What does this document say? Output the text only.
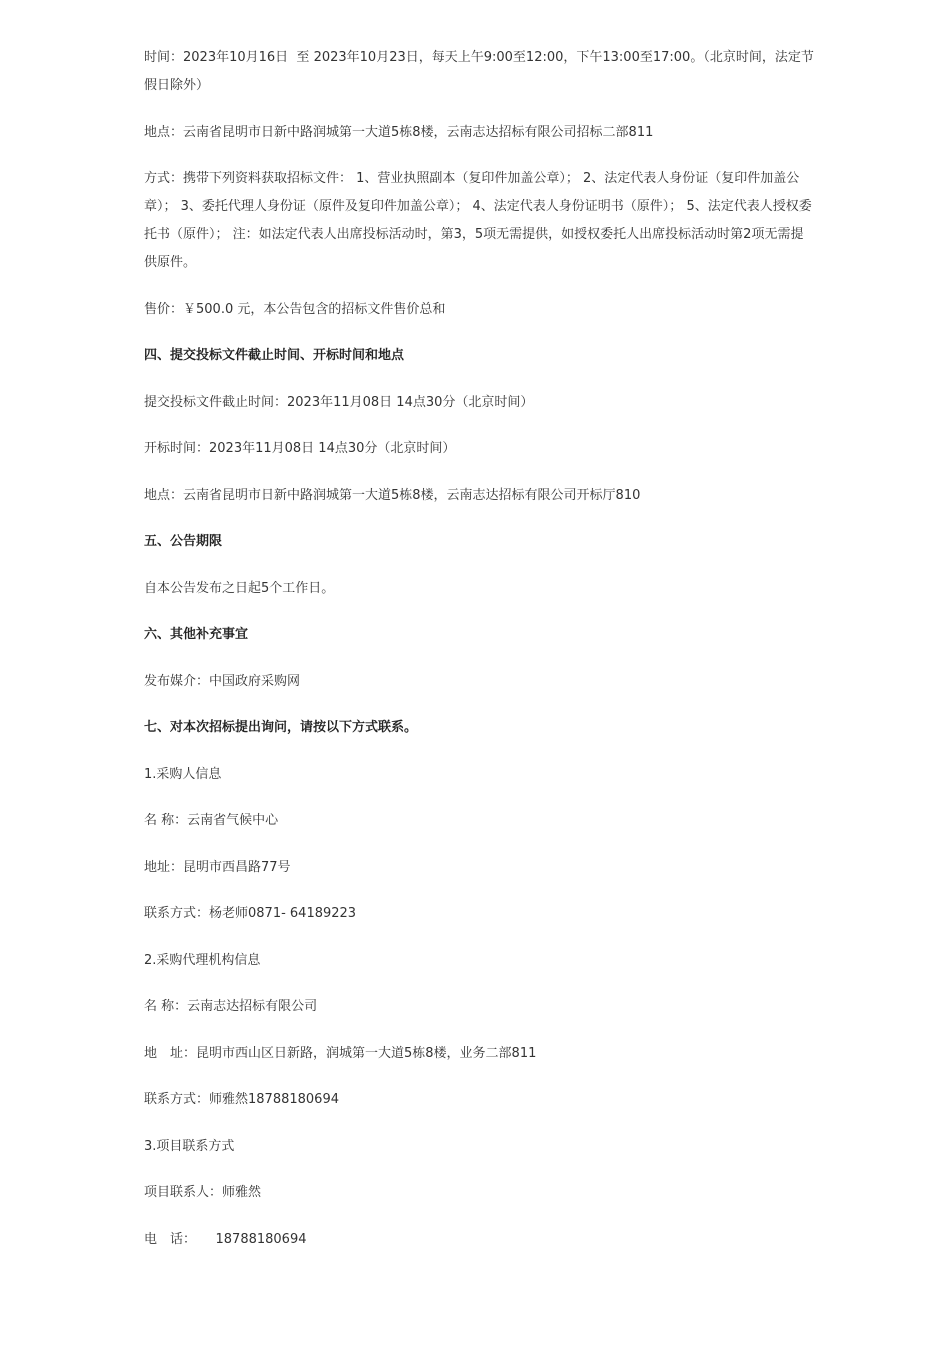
时间：2023年10月16日  至 2023年10月23日，每天上午9:00至12:00，下午13:00至17:00。（北京时间，法定节假日除外）

地点：云南省昆明市日新中路润城第一大道5栋8楼，云南志达招标有限公司招标二部811

方式：携带下列资料获取招标文件： 1、营业执照副本（复印件加盖公章）； 2、法定代表人身份证（复印件加盖公章）； 3、委托代理人身份证（原件及复印件加盖公章）； 4、法定代表人身份证明书（原件）； 5、法定代表人授权委托书（原件）； 注：如法定代表人出席投标活动时，第3，5项无需提供，如授权委托人出席投标活动时第2项无需提供原件。

售价：￥500.0 元，本公告包含的招标文件售价总和

四、提交投标文件截止时间、开标时间和地点

提交投标文件截止时间：2023年11月08日 14点30分（北京时间）

开标时间：2023年11月08日 14点30分（北京时间）

地点：云南省昆明市日新中路润城第一大道5栋8楼，云南志达招标有限公司开标厅810

五、公告期限

自本公告发布之日起5个工作日。

六、其他补充事宜

发布媒介：中国政府采购网

七、对本次招标提出询问，请按以下方式联系。

1.采购人信息

名 称：云南省气候中心

地址：昆明市西昌路77号

联系方式：杨老师0871- 64189223

2.采购代理机构信息

名 称：云南志达招标有限公司

地　址：昆明市西山区日新路，润城第一大道5栋8楼，业务二部811

联系方式：师雅然18788180694

3.项目联系方式

项目联系人：师雅然

电　话：　　18788180694
